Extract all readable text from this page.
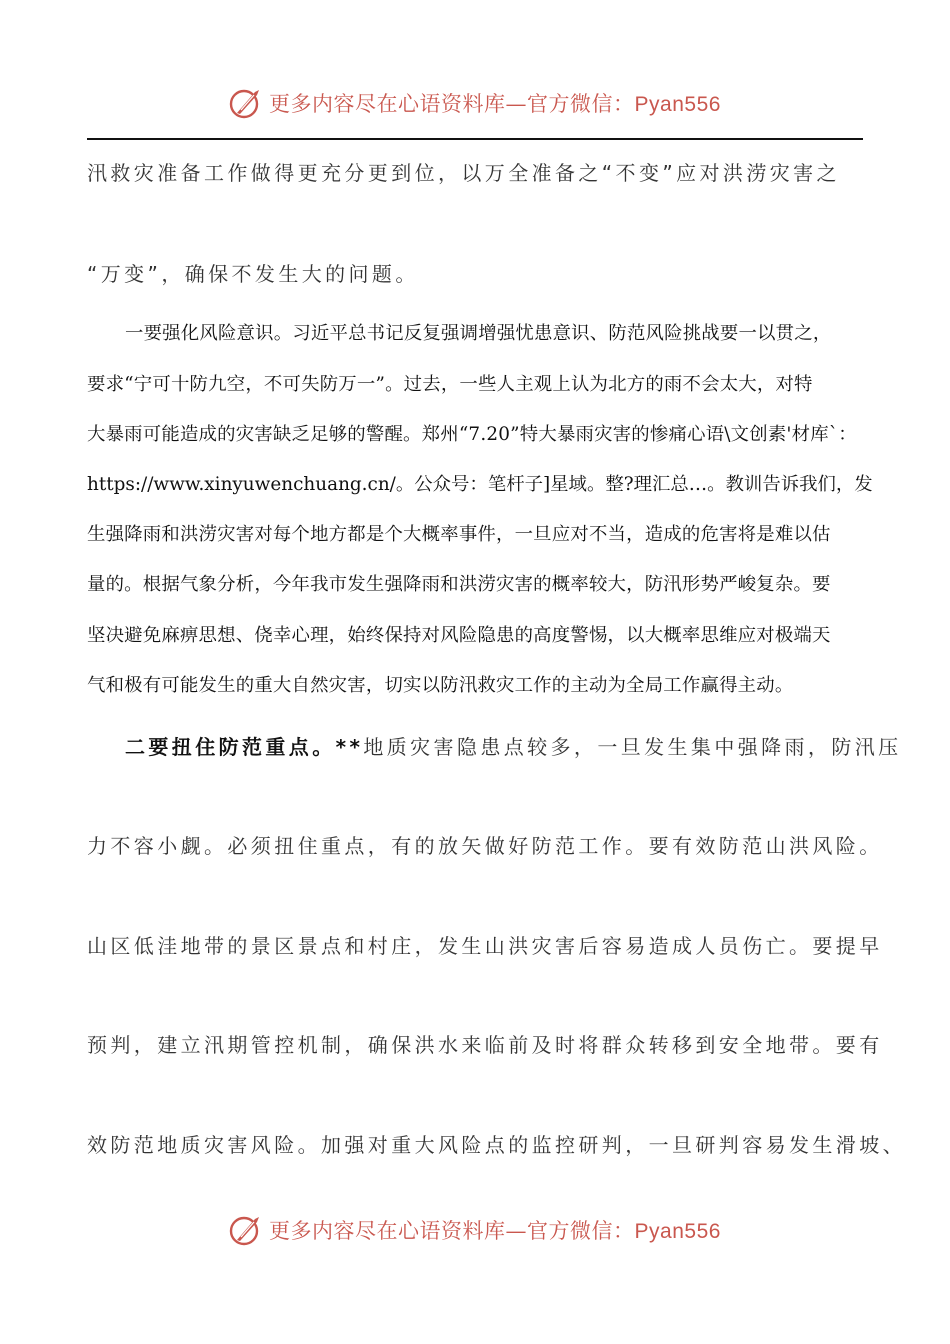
更多内容尽在心语资料库—官方微信：Pyan556
汛救灾准备工作做得更充分更到位，以万全准备之“不变”应对洪涝灾害之
“万变”，确保不发生大的问题。
一要强化风险意识。习近平总书记反复强调增强忧患意识、防范风险挑战要一以贯之，
要求“宁可十防九空，不可失防万一”。过去，一些人主观上认为北方的雨不会太大，对特
大暴雨可能造成的灾害缺乏足够的警醒。郑州“7.20”特大暴雨灾害的惨痛心语\文创素'材库`：
https://www.xinyuwenchuang.cn/。公众号：笔杆子]星域。整?理汇总…。教训告诉我们，发
生强降雨和洪涝灾害对每个地方都是个大概率事件，一旦应对不当，造成的危害将是难以估
量的。根据气象分析，今年我市发生强降雨和洪涝灾害的概率较大，防汛形势严峻复杂。要
坚决避免麻痹思想、侥幸心理，始终保持对风险隐患的高度警惕，以大概率思维应对极端天
气和极有可能发生的重大自然灾害，切实以防汛救灾工作的主动为全局工作赢得主动。
二要扭住防范重点。**地质灾害隐患点较多，一旦发生集中强降雨，防汛压
力不容小觑。必须扭住重点，有的放矢做好防范工作。要有效防范山洪风险。
山区低洼地带的景区景点和村庄，发生山洪灾害后容易造成人员伤亡。要提早
预判，建立汛期管控机制，确保洪水来临前及时将群众转移到安全地带。要有
效防范地质灾害风险。加强对重大风险点的监控研判，一旦研判容易发生滑坡、
更多内容尽在心语资料库—官方微信：Pyan556
